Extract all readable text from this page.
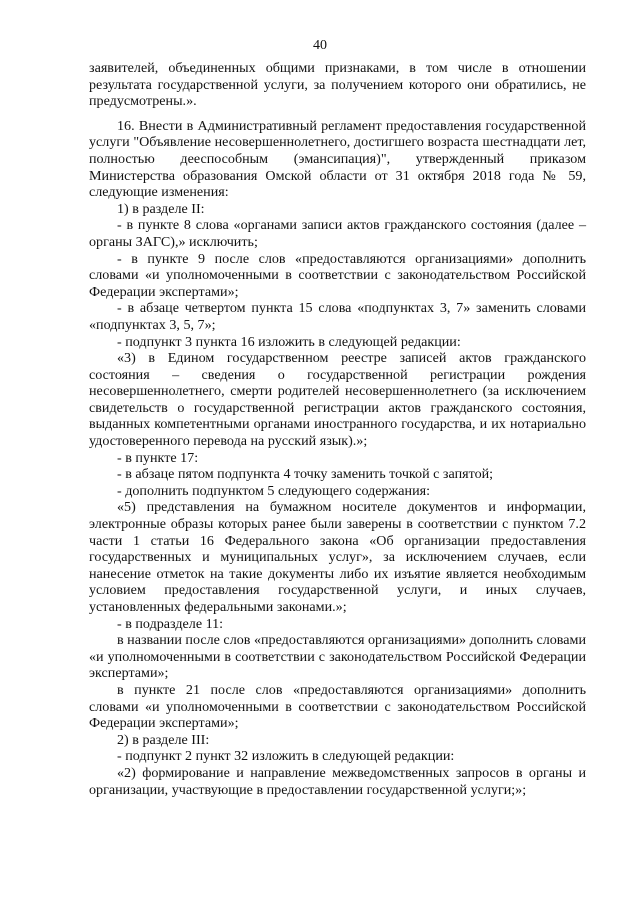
40

заявителей, объединенных общими признаками, в том числе в отношении результата государственной услуги, за получением которого они обратились, не предусмотрены.».

16. Внести в Административный регламент предоставления государственной услуги "Объявление несовершеннолетнего, достигшего возраста шестнадцати лет, полностью дееспособным (эмансипация)", утвержденный приказом Министерства образования Омской области от 31 октября 2018 года № 59, следующие изменения:

1) в разделе II:

- в пункте 8 слова «органами записи актов гражданского состояния (далее – органы ЗАГС),» исключить;

- в пункте 9 после слов «предоставляются организациями» дополнить словами «и уполномоченными в соответствии с законодательством Российской Федерации экспертами»;

- в абзаце четвертом пункта 15 слова «подпунктах 3, 7» заменить словами «подпунктах 3, 5, 7»;

- подпункт 3 пункта 16 изложить в следующей редакции:

«3) в Едином государственном реестре записей актов гражданского состояния – сведения о государственной регистрации рождения несовершеннолетнего, смерти родителей несовершеннолетнего (за исключением свидетельств о государственной регистрации актов гражданского состояния, выданных компетентными органами иностранного государства, и их нотариально удостоверенного перевода на русский язык).»;

- в пункте 17:

- в абзаце пятом подпункта 4 точку заменить точкой с запятой;

- дополнить подпунктом 5 следующего содержания:

«5) представления на бумажном носителе документов и информации, электронные образы которых ранее были заверены в соответствии с пунктом 7.2 части 1 статьи 16 Федерального закона «Об организации предоставления государственных и муниципальных услуг», за исключением случаев, если нанесение отметок на такие документы либо их изъятие является необходимым условием предоставления государственной услуги, и иных случаев, установленных федеральными законами.»;

- в подразделе 11:

в названии после слов «предоставляются организациями» дополнить словами «и уполномоченными в соответствии с законодательством Российской Федерации экспертами»;

в пункте 21 после слов «предоставляются организациями» дополнить словами «и уполномоченными в соответствии с законодательством Российской Федерации экспертами»;

2) в разделе III:

- подпункт 2 пункт 32 изложить в следующей редакции:

«2) формирование и направление межведомственных запросов в органы и организации, участвующие в предоставлении государственной услуги;»;
